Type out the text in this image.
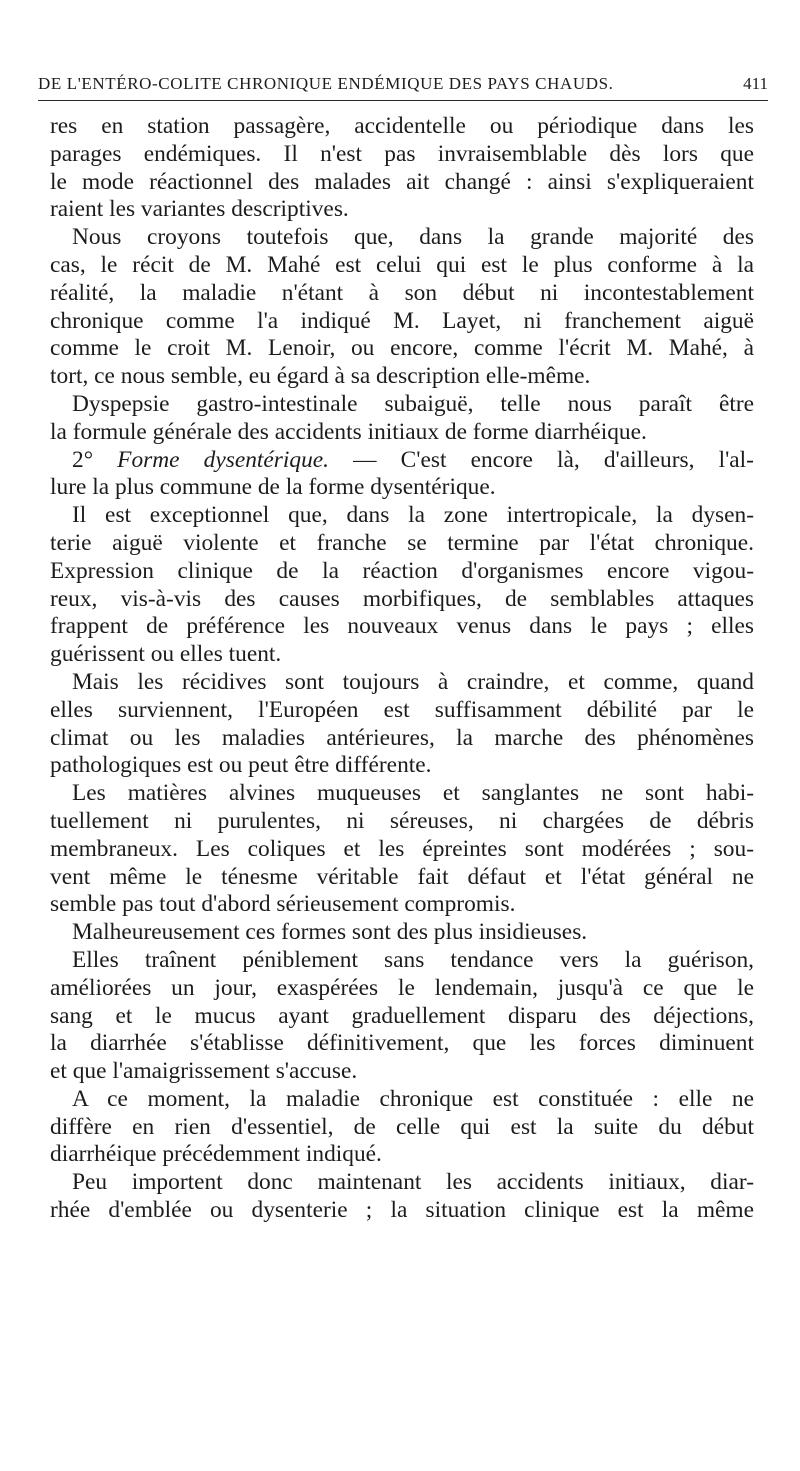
DE L'ENTÉRO-COLITE CHRONIQUE ENDÉMIQUE DES PAYS CHAUDS.	411
res en station passagère, accidentelle ou périodique dans les
parages endémiques. Il n'est pas invraisemblable dès lors que
le mode réactionnel des malades ait changé : ainsi s'expliqueraient
raient les variantes descriptives.
Nous croyons toutefois que, dans la grande majorité des
cas, le récit de M. Mahé est celui qui est le plus conforme à la
réalité, la maladie n'étant à son début ni incontestablement
chronique comme l'a indiqué M. Layet, ni franchement aiguë
comme le croit M. Lenoir, ou encore, comme l'écrit M. Mahé, à
tort, ce nous semble, eu égard à sa description elle-même.
Dyspepsie gastro-intestinale subaiguë, telle nous paraît être
la formule générale des accidents initiaux de forme diarrhéique.
2° Forme dysentérique. — C'est encore là, d'ailleurs, l'al-
lure la plus commune de la forme dysentérique.
Il est exceptionnel que, dans la zone intertropicale, la dysen-
terie aiguë violente et franche se termine par l'état chronique.
Expression clinique de la réaction d'organismes encore vigou-
reux, vis-à-vis des causes morbifiques, de semblables attaques
frappent de préférence les nouveaux venus dans le pays ; elles
guérissent ou elles tuent.
Mais les récidives sont toujours à craindre, et comme, quand
elles surviennent, l'Européen est suffisamment débilité par le
climat ou les maladies antérieures, la marche des phénomènes
pathologiques est ou peut être différente.
Les matières alvines muqueuses et sanglantes ne sont habi-
tuellement ni purulentes, ni séreuses, ni chargées de débris
membraneux. Les coliques et les épreintes sont modérées ; sou-
vent même le ténesme véritable fait défaut et l'état général ne
semble pas tout d'abord sérieusement compromis.
Malheureusement ces formes sont des plus insidieuses.
Elles traînent péniblement sans tendance vers la guérison,
améliorées un jour, exaspérées le lendemain, jusqu'à ce que le
sang et le mucus ayant graduellement disparu des déjections,
la diarrhée s'établisse définitivement, que les forces diminuent
et que l'amaigrissement s'accuse.
A ce moment, la maladie chronique est constituée : elle ne
diffère en rien d'essentiel, de celle qui est la suite du début
diarrhéique précédemment indiqué.
Peu importent donc maintenant les accidents initiaux, diar-
rhée d'emblée ou dysenterie ; la situation clinique est la même
